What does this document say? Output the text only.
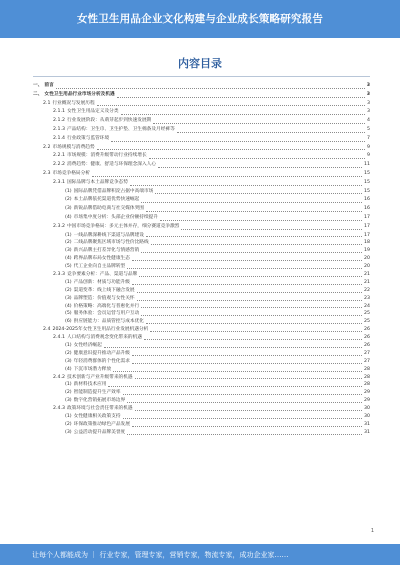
女性卫生用品企业文化构建与企业成长策略研究报告
内容目录
一、 前言	3
二、 女性卫生用品行业市场分析及机遇	3
2.1 行业概况与发展历程	3
2.1.1 女性卫生用品定义及分类	3
2.1.2 行业发展阶段：从萌芽起步到快速发展期	4
2.1.3 产品结构：卫生巾、卫生护垫、卫生棉条及月经裤等	5
2.1.4 行业政策与监管环境	7
2.2 市场规模与消费趋势	9
2.2.1 市场规模：消费升级带动行业持续增长	9
2.2.2 消费趋势：健康、舒适与环保理念深入人心	11
2.3 市场竞争格局分析	15
2.3.1 国际品牌与本土品牌竞争态势	15
(1) 国际品牌凭借品牌积淀占据中高端市场	15
(2) 本土品牌依托渠道优势快速崛起	16
(3) 新锐品牌借助电商与社交媒体突围	16
(4) 市场集中度分析：头部企业份额持续提升	17
2.3.2 中国市场竞争格局：多元主体并存，细分赛道竞争激烈	17
(1) 一线品牌深耕线下渠道与品牌建设	17
(2) 二线品牌聚焦区域市场与性价比路线	18
(3) 新兴品牌主打差异化与情感营销	19
(4) 跨界品牌布局女性健康生态	20
(5) 代工企业向自主品牌转型	20
2.3.3 竞争要素分析：产品、渠道与品牌	21
(1) 产品创新：材质与功能升级	21
(2) 渠道变革：线上线下融合发展	22
(3) 品牌塑造：价值观与女性关怀	23
(4) 价格策略：高端化与普惠化并行	24
(5) 服务体验：会员运营与用户互动	25
(6) 供应链能力：品质管控与成本优化	25
2.4 2024-2025年女性卫生用品行业发展机遇分析	26
2.4.1 人口结构与消费观念变化带来的机遇	26
(1) 女性经济崛起	26
(2) 健康意识提升推动产品升级	27
(3) 年轻消费群体的个性化需求	27
(4) 下沉市场潜力释放	28
2.4.2 技术创新与产业升级带来的机遇	28
(1) 新材料技术应用	28
(2) 智能制造提升生产效率	29
(3) 数字化营销拓展市场边界	29
2.4.3 政策环境与社会责任带来的机遇	30
(1) 女性健康相关政策支持	30
(2) 环保政策推动绿色产品发展	31
(3) 公益活动提升品牌美誉度	31
1
让每个人都能成为 ｜ 行业专家，管理专家，营销专家，物流专家，成功企业家……
